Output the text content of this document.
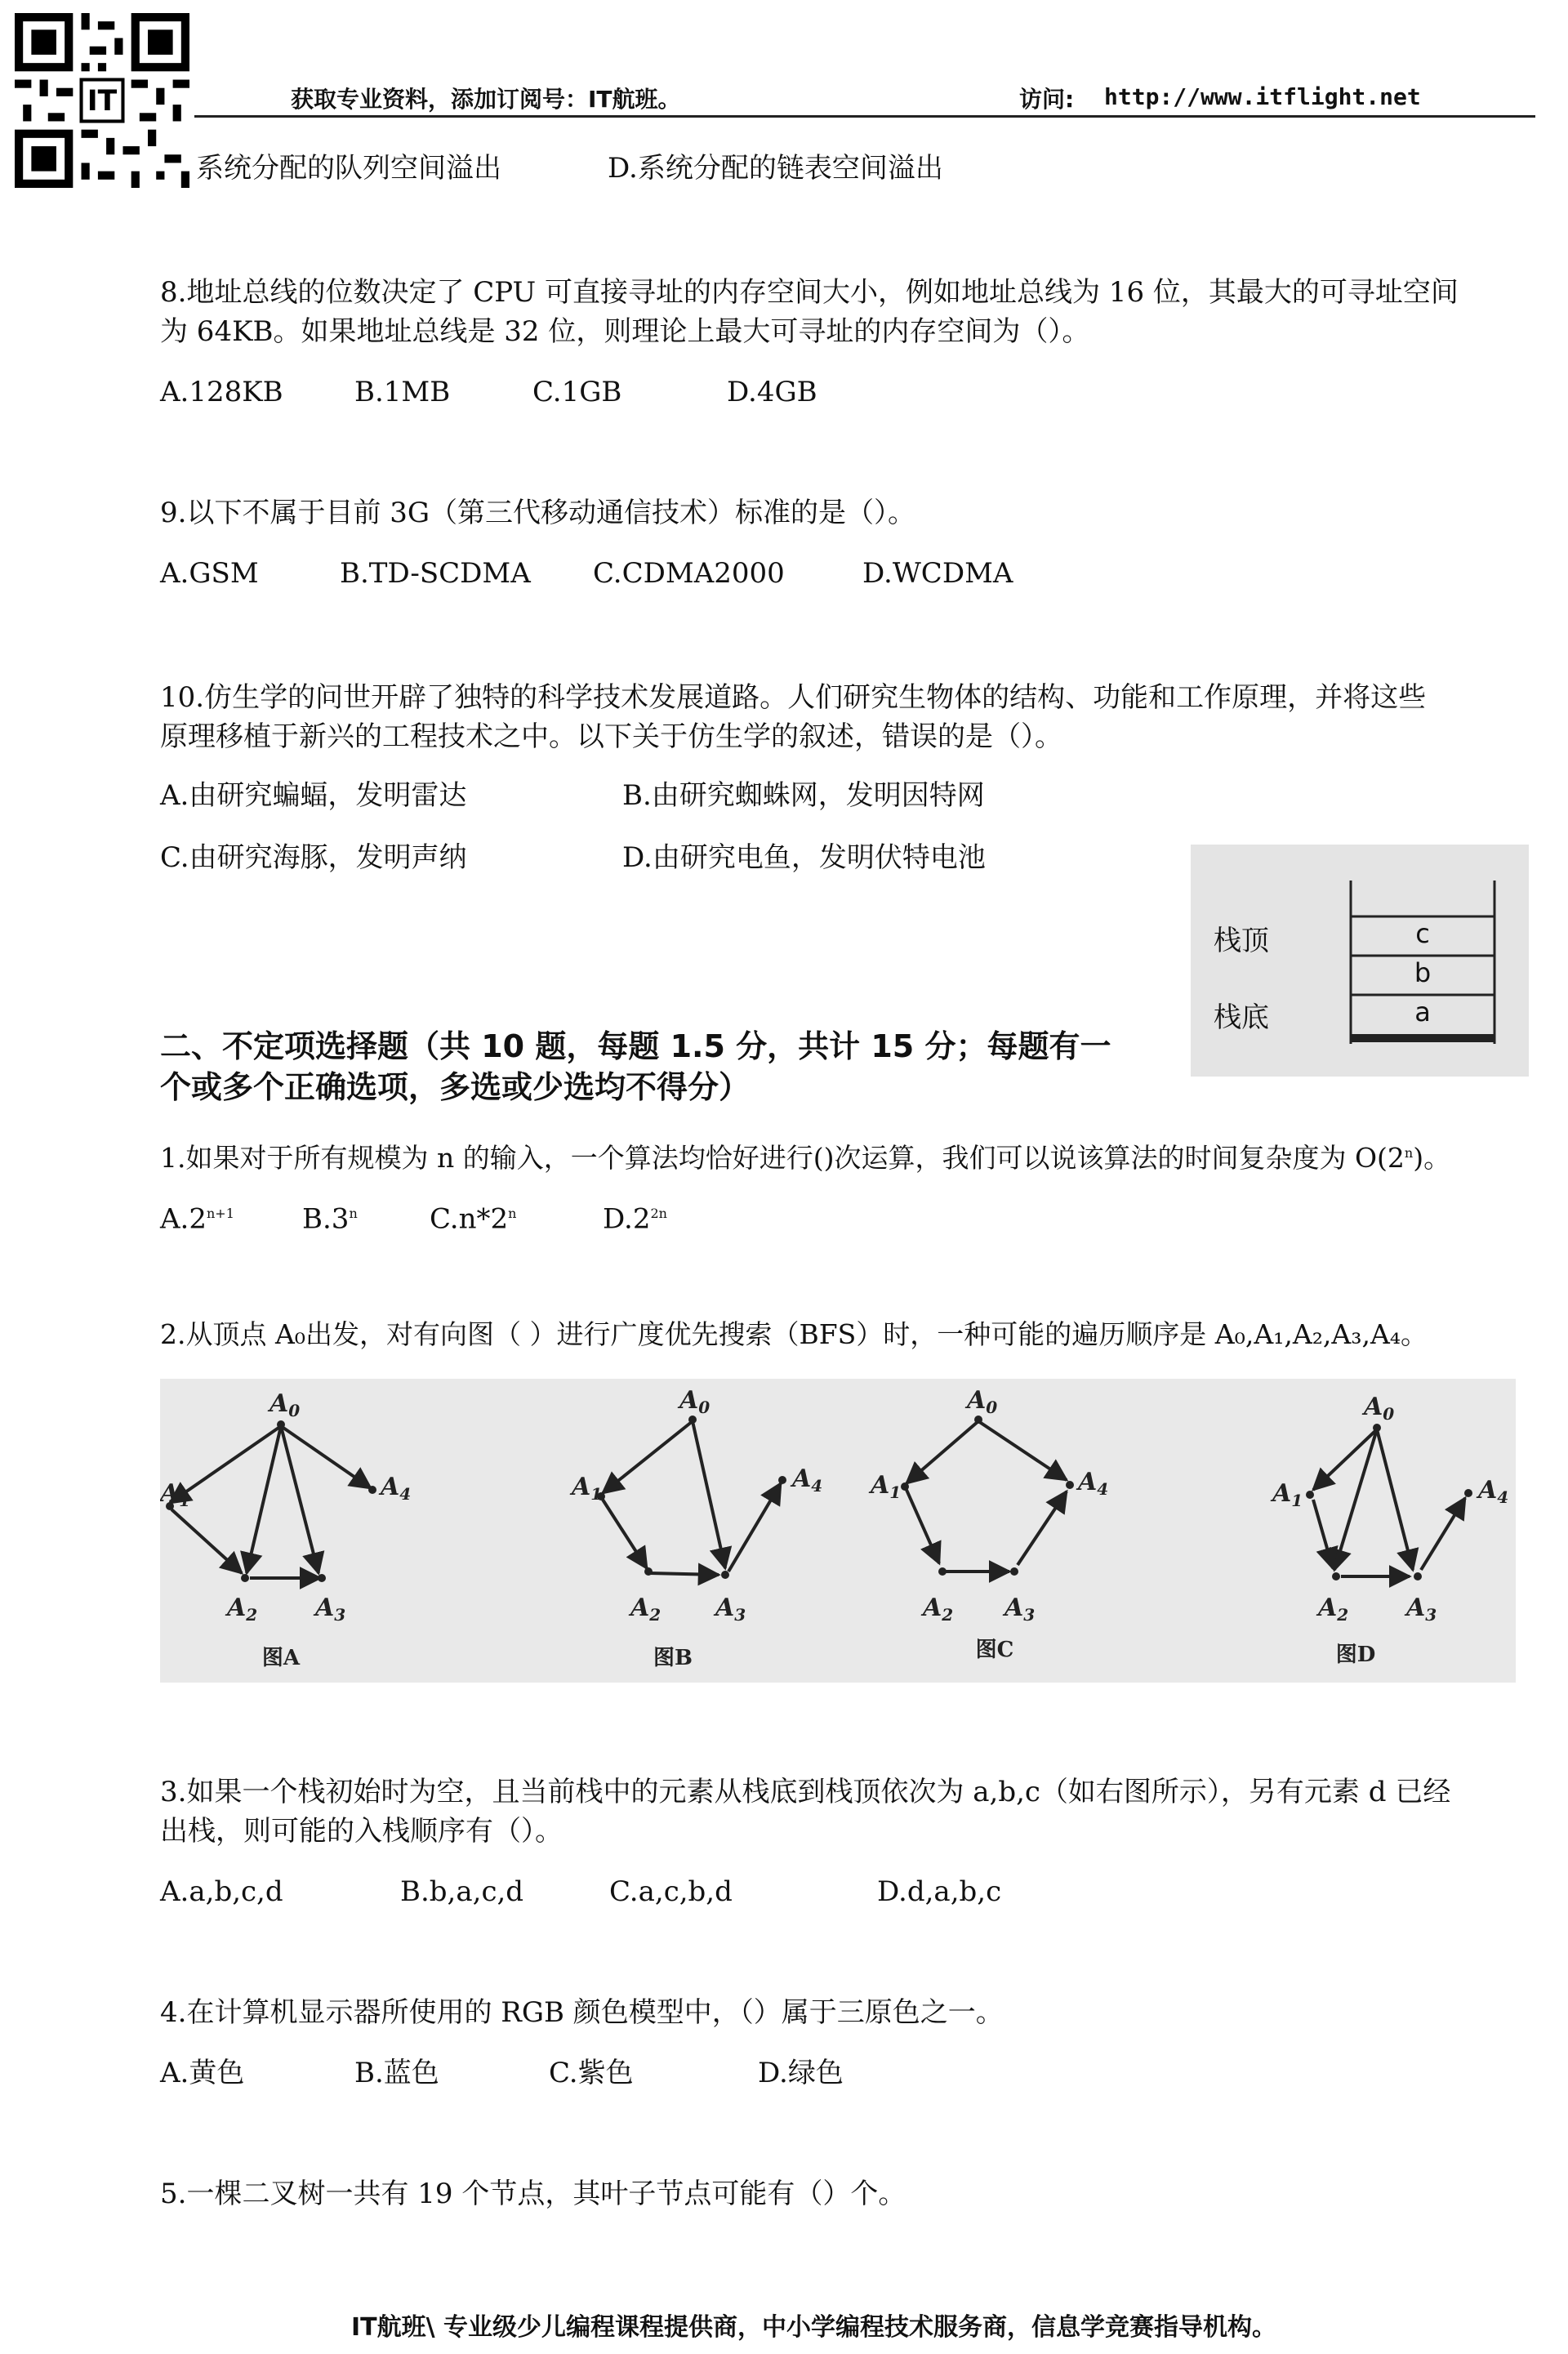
IT	获取专业资料，添加订阅号：IT航班。	访问: http://www.itflight.net
系统分配的队列空间溢出	D.系统分配的链表空间溢出
8.地址总线的位数决定了 CPU 可直接寻址的内存空间大小，例如地址总线为 16 位，其最大的可寻址空间
为 64KB。如果地址总线是 32 位，则理论上最大可寻址的内存空间为（）。
A.128KB	B.1MB	C.1GB	D.4GB
9.以下不属于目前 3G（第三代移动通信技术）标准的是（）。
A.GSM	B.TD-SCDMA C.CDMA2000	D.WCDMA
10.仿生学的问世开辟了独特的科学技术发展道路。人们研究生物体的结构、功能和工作原理，并将这些
原理移植于新兴的工程技术之中。以下关于仿生学的叙述，错误的是（）。
A.由研究蝙蝠，发明雷达	B.由研究蜘蛛网，发明因特网
C.由研究海豚，发明声纳	D.由研究电鱼，发明伏特电池
栈顶
栈底
c
b
a
二、不定项选择题（共 10 题，每题 1.5 分，共计 15 分；每题有一
个或多个正确选项，多选或少选均不得分）
1.如果对于所有规模为 n 的输入，一个算法均恰好进行()次运算，我们可以说该算法的时间复杂度为 O(2$^n$)。
$A.2^{n+1}$ B.3$^n$	C.n*2$^n$	$D.2^{2n}$
2.从顶点 A₀出发，对有向图（ ）进行广度优先搜索（BFS）时，一种可能的遍历顺序是 A₀,A₁,A₂,A₃,A₄。
$A_0$
$A_1$	$A_4$
$A_2$ $A_3$
图A
$A_0$
$A_1$
$A_4$
$A_2$ $A_3$
图B
$A_0$
$A_1$	$A_4$
$A_2$ $A_3$
图C
$A_0$
$A_1$	$A_4$
$A_2$ $A_3$
图D
3.如果一个栈初始时为空，且当前栈中的元素从栈底到栈顶依次为 a,b,c（如右图所示），另有元素 d 已经
出栈，则可能的入栈顺序有（）。
A.a,b,c,d	B.b,a,c,d	C.a,c,b,d	D.d,a,b,c
4.在计算机显示器所使用的 RGB 颜色模型中，（）属于三原色之一。
A.黄色	B.蓝色	C.紫色	D.绿色
5.一棵二叉树一共有 19 个节点，其叶子节点可能有（）个。
IT航班\ 专业级少儿编程课程提供商，中小学编程技术服务商，信息学竞赛指导机构。
